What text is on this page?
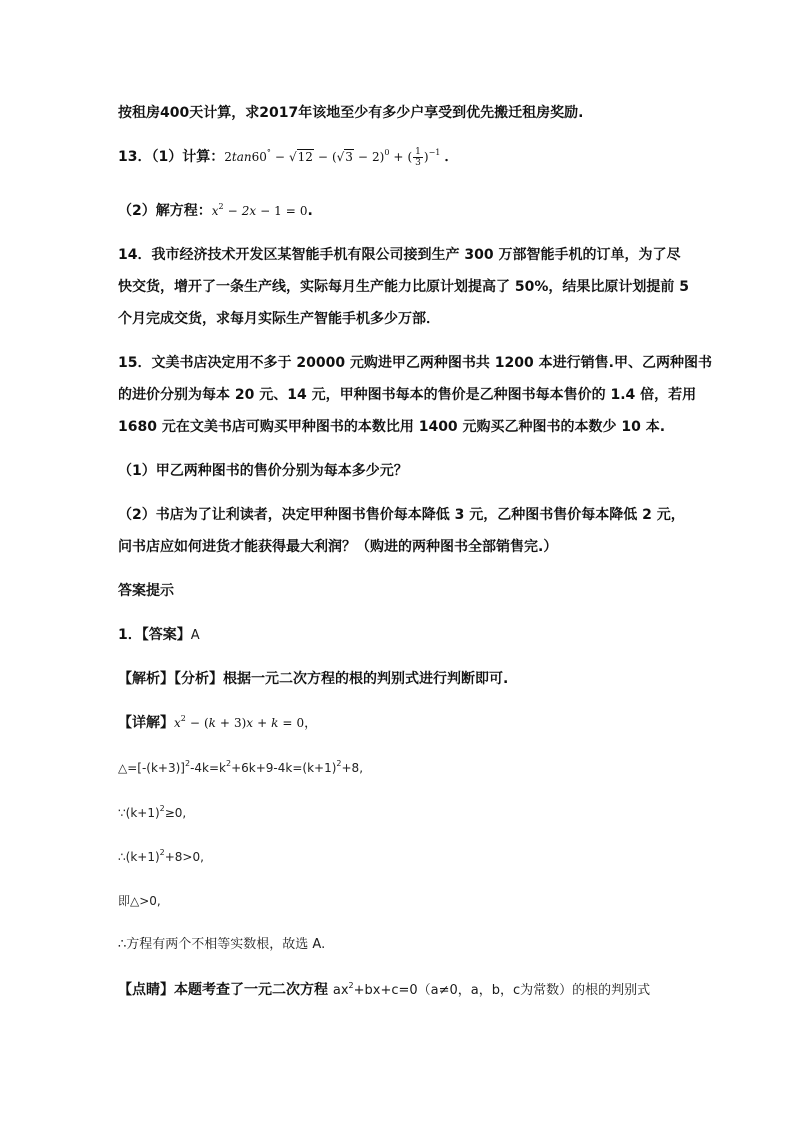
按租房400天计算，求2017年该地至少有多少户享受到优先搬迁租房奖励.
13．（1）计算：$2\tan 60^\circ - √12 - (√3 - 2)^0$ + ( $\frac{1}{3} )^{-1}$ ．
（2）解方程：$x^2 - 2x - 1 = 0$.
14．我市经济技术开发区某智能手机有限公司接到生产 300 万部智能手机的订单，为了尽
快交货，增开了一条生产线，实际每月生产能力比原计划提高了 50%，结果比原计划提前 5
个月完成交货，求每月实际生产智能手机多少万部．
15．文美书店决定用不多于 20000 元购进甲乙两种图书共 1200 本进行销售.甲、乙两种图书
的进价分别为每本 20 元、14 元，甲种图书每本的售价是乙种图书每本售价的 1.4 倍，若用
1680 元在文美书店可购买甲种图书的本数比用 1400 元购买乙种图书的本数少 10 本.
（1）甲乙两种图书的售价分别为每本多少元？
（2）书店为了让利读者，决定甲种图书售价每本降低 3 元，乙种图书售价每本降低 2 元，
问书店应如何进货才能获得最大利润？（购进的两种图书全部销售完.）
答案提示
1．【答案】A
【解析】【分析】根据一元二次方程的根的判别式进行判断即可.
【详解】$x^2 - (k + 3)x + k = 0$，
$\triangle=[-(k+3)]^2-4k=k^2+6k+9-4k=(k+1)^2+8$,
$\because(k+1)^2\ge 0$,
$\therefore(k+1)^2+8>0$,
即△>0,
∴方程有两个不相等实数根，故选 A.
【点睛】本题考查了一元二次方程 $ax^2+bx+c=0(a\ne 0$，a，b，c为常数）的根的判别式
